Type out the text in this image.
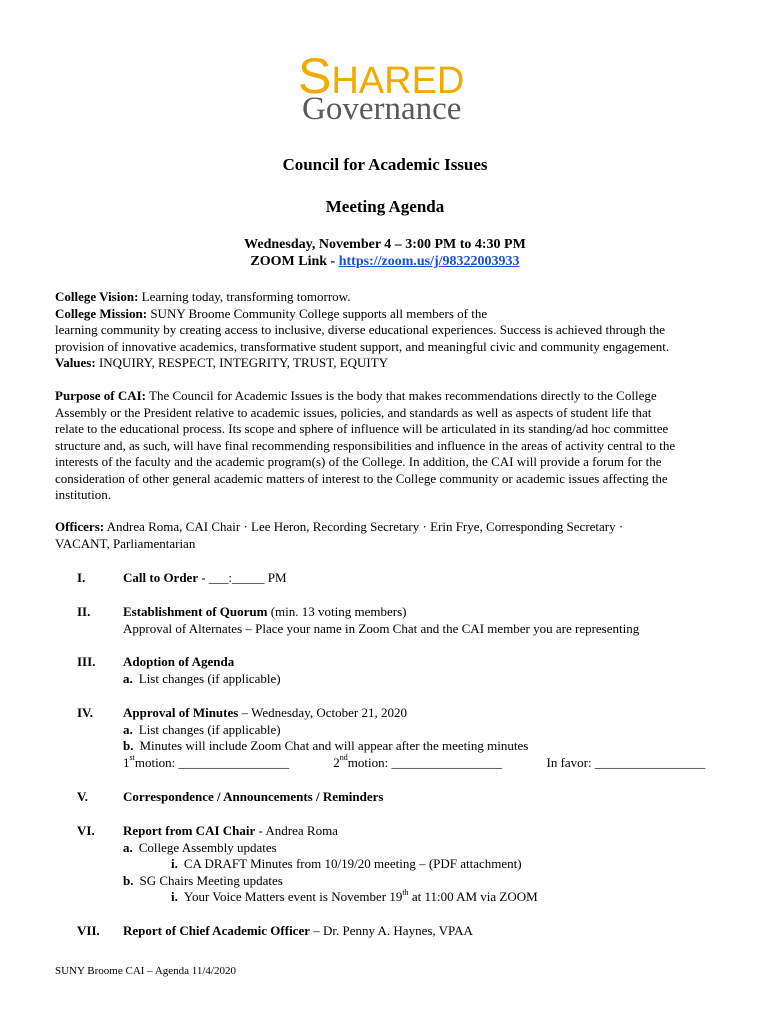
SHARED
Governance
Council for Academic Issues
Meeting Agenda
Wednesday, November 4 – 3:00 PM to 4:30 PM
ZOOM Link - https://zoom.us/j/98322003933
College Vision: Learning today, transforming tomorrow.
College Mission: SUNY Broome Community College supports all members of the
learning community by creating access to inclusive, diverse educational experiences. Success is achieved through the
provision of innovative academics, transformative student support, and meaningful civic and community engagement.
Values: INQUIRY, RESPECT, INTEGRITY, TRUST, EQUITY
Purpose of CAI: The Council for Academic Issues is the body that makes recommendations directly to the College
Assembly or the President relative to academic issues, policies, and standards as well as aspects of student life that
relate to the educational process. Its scope and sphere of influence will be articulated in its standing/ad hoc committee
structure and, as such, will have final recommending responsibilities and influence in the areas of activity central to the
interests of the faculty and the academic program(s) of the College. In addition, the CAI will provide a forum for the
consideration of other general academic matters of interest to the College community or academic issues affecting the
institution.
Officers: Andrea Roma, CAI Chair · Lee Heron, Recording Secretary · Erin Frye, Corresponding Secretary ·
VACANT, Parliamentarian
I.	Call to Order - ___:_____ PM
II.	Establishment of Quorum (min. 13 voting members)
Approval of Alternates – Place your name in Zoom Chat and the CAI member you are representing
III. Adoption of Agenda
a. List changes (if applicable)
IV. Approval of Minutes – Wednesday, October 21, 2020
a. List changes (if applicable)
b. Minutes will include Zoom Chat and will appear after the meeting minutes
1stmotion: _________________	2ndmotion: _________________	In favor: _________________
V.	Correspondence / Announcements / Reminders
VI. Report from CAI Chair - Andrea Roma
a. College Assembly updates
i. CA DRAFT Minutes from 10/19/20 meeting – (PDF attachment)
b. SG Chairs Meeting updates
i. Your Voice Matters event is November 19th at 11:00 AM via ZOOM
VII. Report of Chief Academic Officer – Dr. Penny A. Haynes, VPAA
SUNY Broome CAI – Agenda 11/4/2020
